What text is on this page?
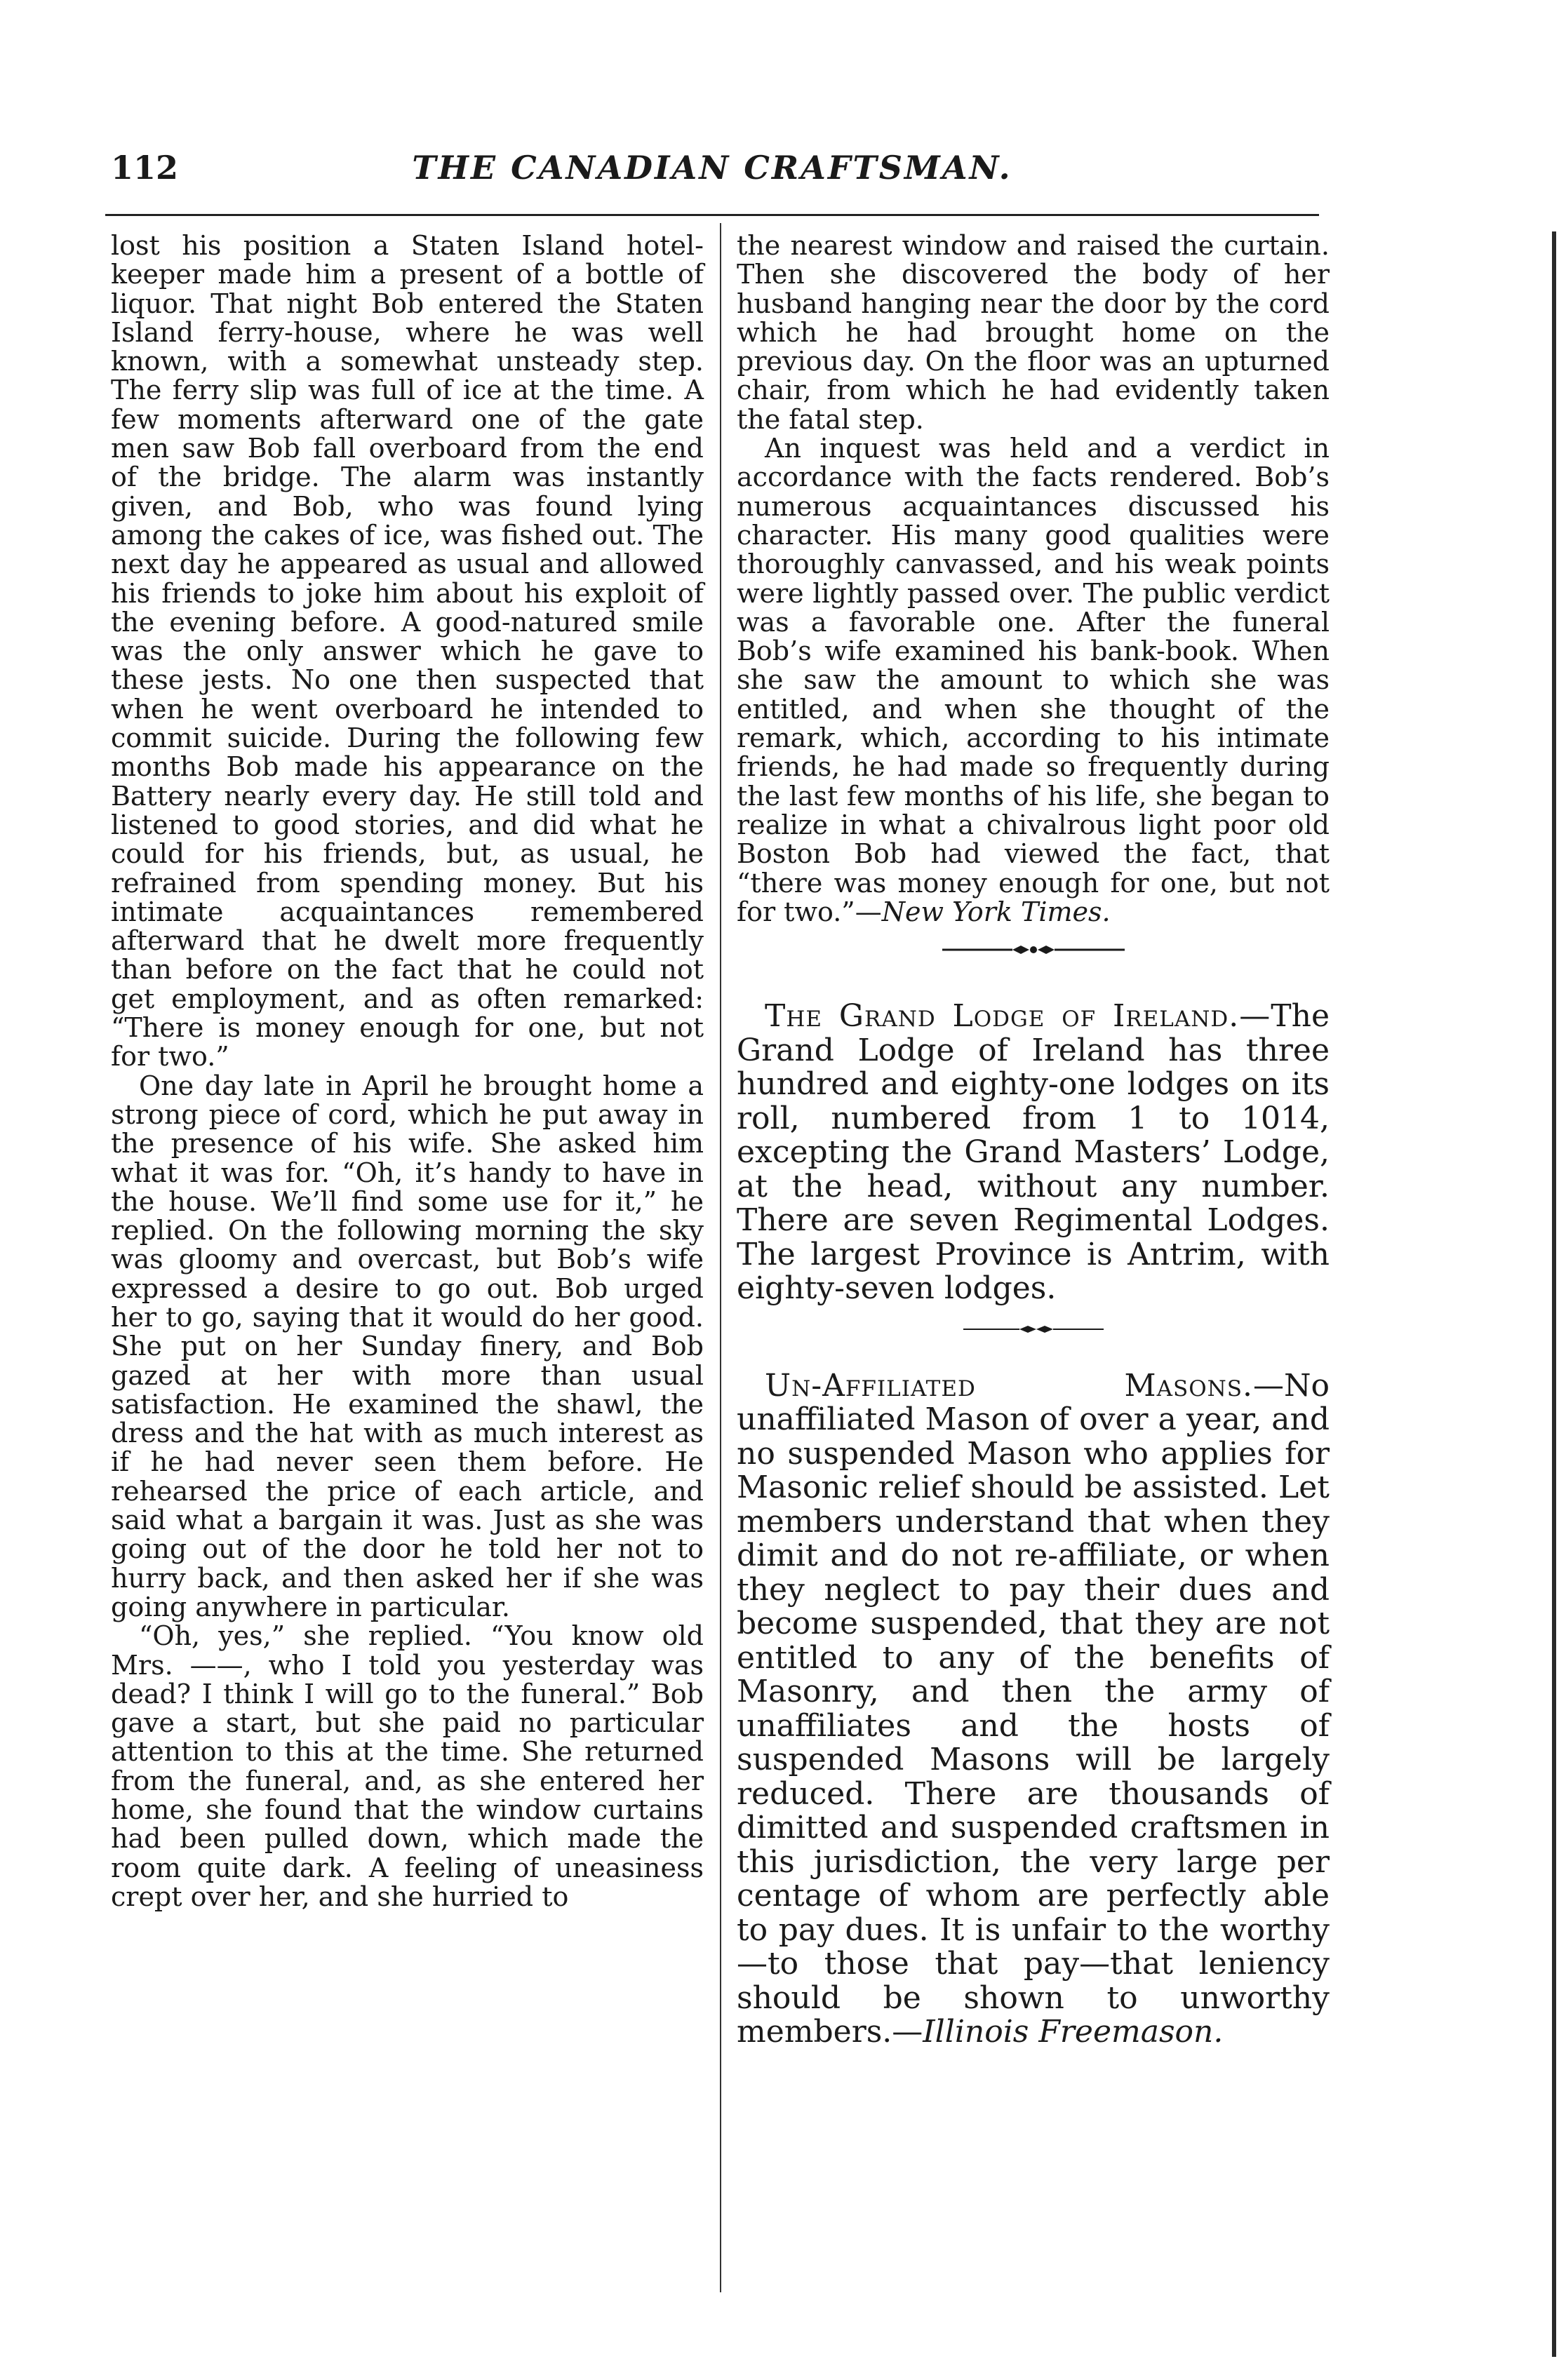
112	THE CANADIAN CRAFTSMAN.

lost his position a Staten Island hotel-keeper made him a present of a bottle of liquor. That night Bob entered the Staten Island ferry-house, where he was well known, with a somewhat unsteady step. The ferry slip was full of ice at the time. A few moments afterward one of the gate men saw Bob fall overboard from the end of the bridge. The alarm was instantly given, and Bob, who was found lying among the cakes of ice, was fished out. The next day he appeared as usual and allowed his friends to joke him about his exploit of the evening before. A good-natured smile was the only answer which he gave to these jests. No one then suspected that when he went overboard he intended to commit suicide. During the following few months Bob made his appearance on the Battery nearly every day. He still told and listened to good stories, and did what he could for his friends, but, as usual, he refrained from spending money. But his intimate acquaintances remembered afterward that he dwelt more frequently than before on the fact that he could not get employment, and as often remarked: “There is money enough for one, but not for two.”

One day late in April he brought home a strong piece of cord, which he put away in the presence of his wife. She asked him what it was for. “Oh, it’s handy to have in the house. We’ll find some use for it,” he replied. On the following morning the sky was gloomy and overcast, but Bob’s wife expressed a desire to go out. Bob urged her to go, saying that it would do her good. She put on her Sunday finery, and Bob gazed at her with more than usual satisfaction. He examined the shawl, the dress and the hat with as much interest as if he had never seen them before. He rehearsed the price of each article, and said what a bargain it was. Just as she was going out of the door he told her not to hurry back, and then asked her if she was going anywhere in particular.

“Oh, yes,” she replied. “You know old Mrs. ——, who I told you yesterday was dead? I think I will go to the funeral.” Bob gave a start, but she paid no particular attention to this at the time. She returned from the funeral, and, as she entered her home, she found that the window curtains had been pulled down, which made the room quite dark. A feeling of uneasiness crept over her, and she hurried to

the nearest window and raised the curtain. Then she discovered the body of her husband hanging near the door by the cord which he had brought home on the previous day. On the floor was an upturned chair, from which he had evidently taken the fatal step.

An inquest was held and a verdict in accordance with the facts rendered. Bob’s numerous acquaintances discussed his character. His many good qualities were thoroughly canvassed, and his weak points were lightly passed over. The public verdict was a favorable one. After the funeral Bob’s wife examined his bank-book. When she saw the amount to which she was entitled, and when she thought of the remark, which, according to his intimate friends, he had made so frequently during the last few months of his life, she began to realize in what a chivalrous light poor old Boston Bob had viewed the fact, that “there was money enough for one, but not for two.”—New York Times.

The Grand Lodge of Ireland.—The Grand Lodge of Ireland has three hundred and eighty-one lodges on its roll, numbered from 1 to 1014, excepting the Grand Masters’ Lodge, at the head, without any number. There are seven Regimental Lodges. The largest Province is Antrim, with eighty-seven lodges.

Un-Affiliated Masons.—No unaffiliated Mason of over a year, and no suspended Mason who applies for Masonic relief should be assisted. Let members understand that when they dimit and do not re-affiliate, or when they neglect to pay their dues and become suspended, that they are not entitled to any of the benefits of Masonry, and then the army of unaffiliates and the hosts of suspended Masons will be largely reduced. There are thousands of dimitted and suspended craftsmen in this jurisdiction, the very large per centage of whom are perfectly able to pay dues. It is unfair to the worthy—to those that pay—that leniency should be shown to unworthy members.—Illinois Freemason.
